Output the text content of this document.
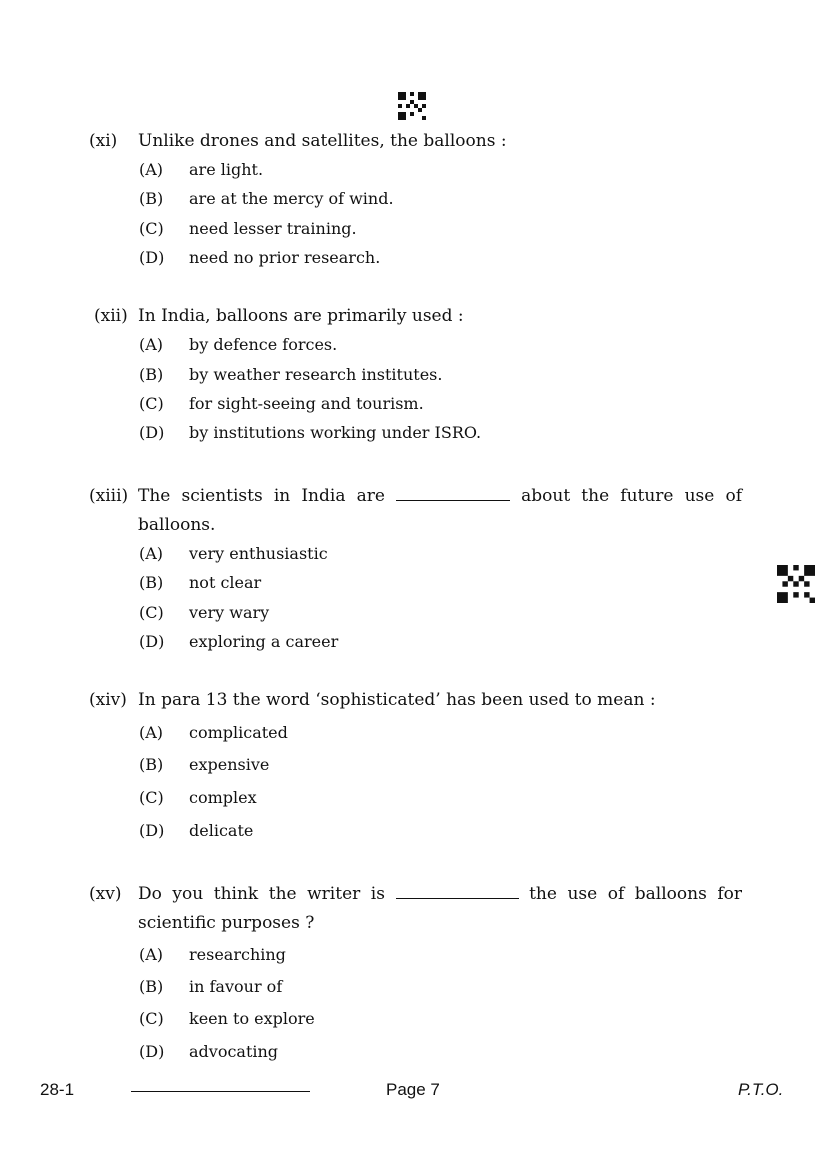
(xi) Unlike drones and satellites, the balloons :
(A) are light.
(B) are at the mercy of wind.
(C) need lesser training.
(D) need no prior research.
(xii) In India, balloons are primarily used :
(A) by defence forces.
(B) by weather research institutes.
(C) for sight-seeing and tourism.
(D) by institutions working under ISRO.
(xiii) The scientists in India are	about the future use of
balloons.
(A) very enthusiastic
(B) not clear
(C) very wary
(D) exploring a career
(xiv) In para 13 the word ‘sophisticated’ has been used to mean :
(A) complicated
(B) expensive
(C) complex
(D) delicate
(xv) Do you think the writer is	the use of balloons for
scientific purposes ?
(A) researching
(B) in favour of
(C) keen to explore
(D) advocating
28-1	Page 7	P.T.O.
